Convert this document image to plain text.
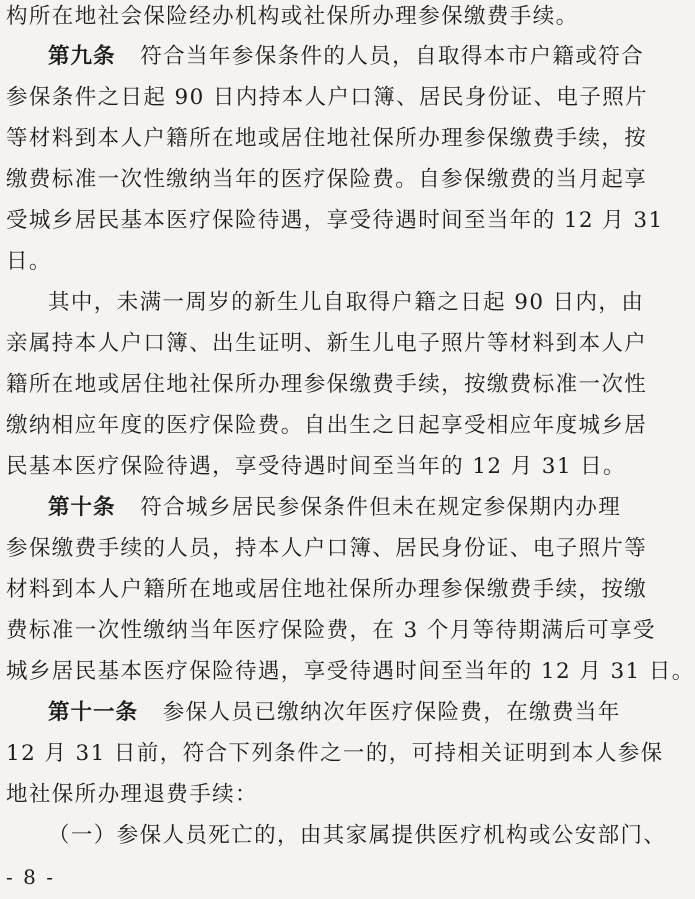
构所在地社会保险经办机构或社保所办理参保缴费手续。
第九条 符合当年参保条件的人员，自取得本市户籍或符合
参保条件之日起 90 日内持本人户口簿、居民身份证、电子照片
等材料到本人户籍所在地或居住地社保所办理参保缴费手续，按
缴费标准一次性缴纳当年的医疗保险费。自参保缴费的当月起享
受城乡居民基本医疗保险待遇，享受待遇时间至当年的 12 月 31
日。
其中，未满一周岁的新生儿自取得户籍之日起 90 日内，由
亲属持本人户口簿、出生证明、新生儿电子照片等材料到本人户
籍所在地或居住地社保所办理参保缴费手续，按缴费标准一次性
缴纳相应年度的医疗保险费。自出生之日起享受相应年度城乡居
民基本医疗保险待遇，享受待遇时间至当年的 12 月 31 日。
第十条 符合城乡居民参保条件但未在规定参保期内办理
参保缴费手续的人员，持本人户口簿、居民身份证、电子照片等
材料到本人户籍所在地或居住地社保所办理参保缴费手续，按缴
费标准一次性缴纳当年医疗保险费，在 3 个月等待期满后可享受
城乡居民基本医疗保险待遇，享受待遇时间至当年的 12 月 31 日。
第十一条 参保人员已缴纳次年医疗保险费，在缴费当年
12 月 31 日前，符合下列条件之一的，可持相关证明到本人参保
地社保所办理退费手续：
（一）参保人员死亡的，由其家属提供医疗机构或公安部门、
- 8 -
